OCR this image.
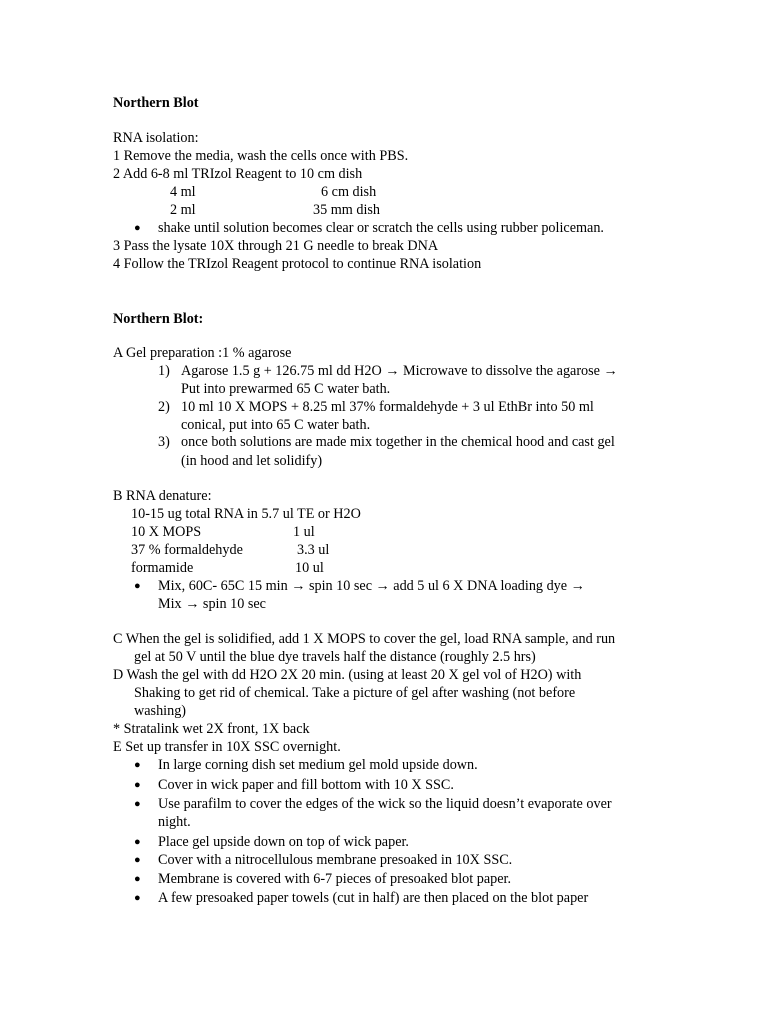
Northern Blot
RNA isolation:
1 Remove the media, wash the cells once with PBS.
2 Add 6-8 ml TRIzol Reagent to 10 cm dish
4 ml	6 cm dish
2 ml	35 mm dish
● shake until solution becomes clear or scratch the cells using rubber policeman.
3 Pass the lysate 10X through 21 G needle to break DNA
4 Follow the TRIzol Reagent protocol to continue RNA isolation
Northern Blot:
A Gel preparation :1 % agarose
1) Agarose 1.5 g + 126.75 ml dd H2O → Microwave to dissolve the agarose →
Put into prewarmed 65 C water bath.
2) 10 ml 10 X MOPS + 8.25 ml 37% formaldehyde + 3 ul EthBr into 50 ml
conical, put into 65 C water bath.
3) once both solutions are made mix together in the chemical hood and cast gel
(in hood and let solidify)
B RNA denature:
10-15 ug total RNA in 5.7 ul TE or H2O
10 X MOPS	1 ul
37 % formaldehyde	3.3 ul
formamide	10 ul
● Mix, 60C- 65C 15 min → spin 10 sec → add 5 ul 6 X DNA loading dye →
Mix → spin 10 sec
C When the gel is solidified, add 1 X MOPS to cover the gel, load RNA sample, and run
gel at 50 V until the blue dye travels half the distance (roughly 2.5 hrs)
D Wash the gel with dd H2O 2X 20 min. (using at least 20 X gel vol of H2O) with
Shaking to get rid of chemical. Take a picture of gel after washing (not before
washing)
* Stratalink wet 2X front, 1X back
E Set up transfer in 10X SSC overnight.
● In large corning dish set medium gel mold upside down.
● Cover in wick paper and fill bottom with 10 X SSC.
● Use parafilm to cover the edges of the wick so the liquid doesn’t evaporate over
night.
● Place gel upside down on top of wick paper.
● Cover with a nitrocellulous membrane presoaked in 10X SSC.
● Membrane is covered with 6-7 pieces of presoaked blot paper.
● A few presoaked paper towels (cut in half) are then placed on the blot paper
